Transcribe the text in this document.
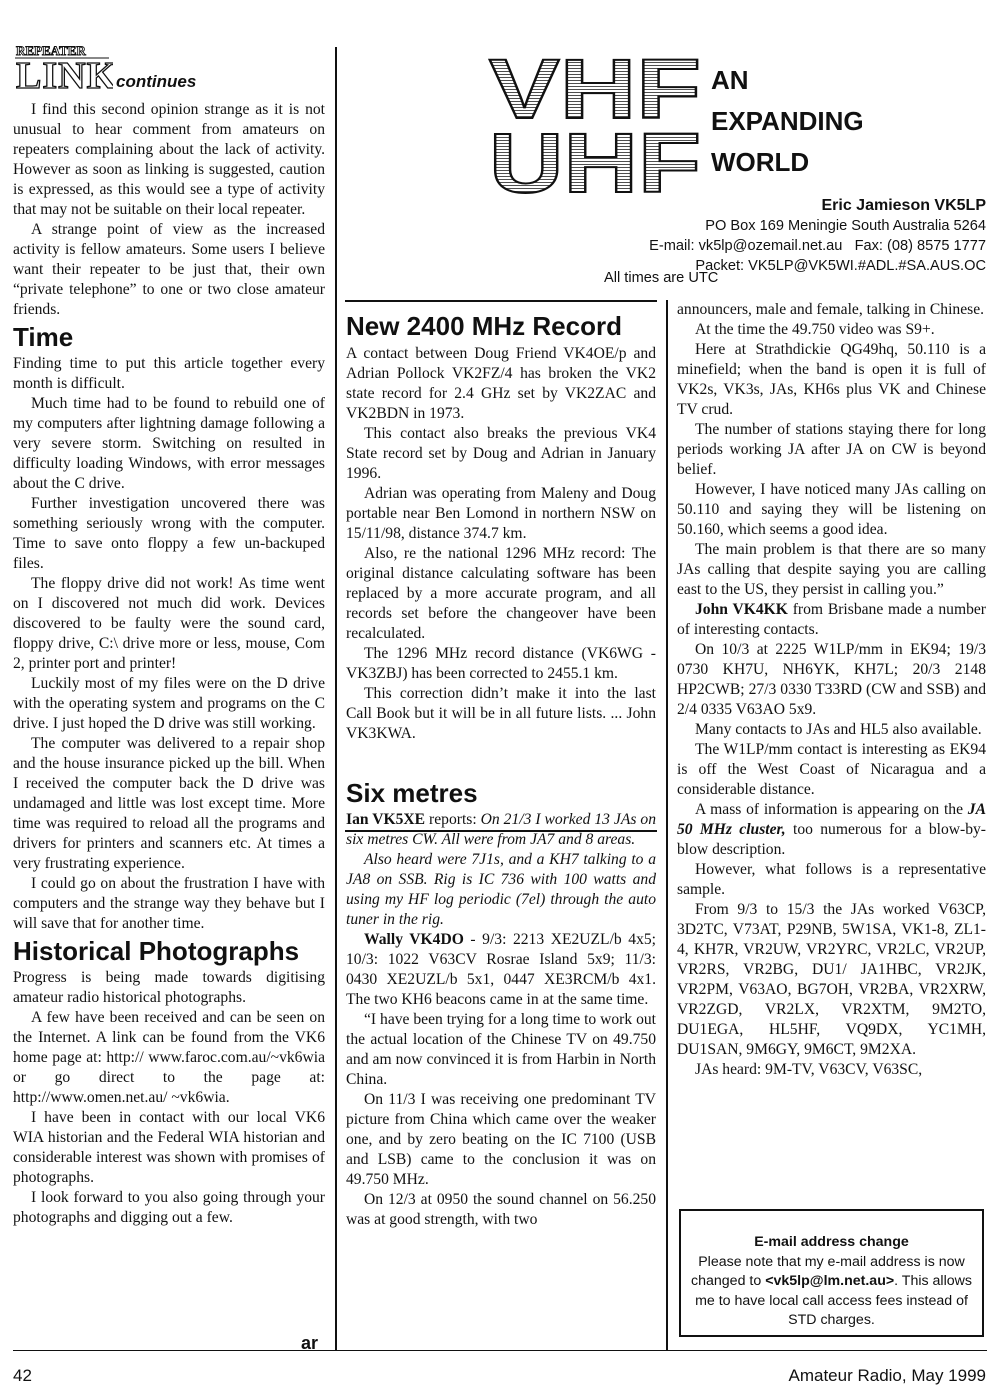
REPEATER
LINK
continues

I find this second opinion strange as it is not unusual to hear comment from amateurs on repeaters complaining about the lack of activity. However as soon as linking is suggested, caution is expressed, as this would see a type of activity that may not be suitable on their local repeater.

A strange point of view as the increased activity is fellow amateurs. Some users I believe want their repeater to be just that, their own “private telephone” to one or two close amateur friends.

Time

Finding time to put this article together every month is difficult.

Much time had to be found to rebuild one of my computers after lightning damage following a very severe storm. Switching on resulted in difficulty loading Windows, with error messages about the C drive.

Further investigation uncovered there was something seriously wrong with the computer. Time to save onto floppy a few un-backuped files.

The floppy drive did not work! As time went on I discovered not much did work. Devices discovered to be faulty were the sound card, floppy drive, C:\ drive more or less, mouse, Com 2, printer port and printer!

Luckily most of my files were on the D drive with the operating system and programs on the C drive. I just hoped the D drive was still working.

The computer was delivered to a repair shop and the house insurance picked up the bill. When I received the computer back the D drive was undamaged and little was lost except time. More time was required to reload all the programs and drivers for printers and scanners etc. At times a very frustrating experience.

I could go on about the frustration I have with computers and the strange way they behave but I will save that for another time.

Historical Photographs

Progress is being made towards digitising amateur radio historical photographs.

A few have been received and can be seen on the Internet. A link can be found from the VK6 home page at: http:// www.faroc.com.au/~vk6wia or go direct to the page at: http://www.omen.net.au/ ~vk6wia.

I have been in contact with our local VK6 WIA historian and the Federal WIA historian and considerable interest was shown with promises of photographs.

I look forward to you also going through your photographs and digging out a few.

ar
VHF
UHF
AN
EXPANDING
WORLD
Eric Jamieson VK5LP
PO Box 169 Meningie South Australia 5264
E-mail: vk5lp@ozemail.net.au   Fax: (08) 8575 1777
Packet: VK5LP@VK5WI.#ADL.#SA.AUS.OC
All times are UTC
New 2400 MHz Record

A contact between Doug Friend VK4OE/p and Adrian Pollock VK2FZ/4 has broken the VK2 state record for 2.4 GHz set by VK2ZAC and VK2BDN in 1973.

This contact also breaks the previous VK4 State record set by Doug and Adrian in January 1996.

Adrian was operating from Maleny and Doug portable near Ben Lomond in northern NSW on 15/11/98, distance 374.7 km.

Also, re the national 1296 MHz record: The original distance calculating software has been replaced by a more accurate program, and all records set before the changeover have been recalculated.

The 1296 MHz record distance (VK6WG - VK3ZBJ) has been corrected to 2455.1 km.

This correction didn’t make it into the last Call Book but it will be in all future lists. ... John VK3KWA.

Six metres

Ian VK5XE reports: On 21/3 I worked 13 JAs on six metres CW. All were from JA7 and 8 areas.

Also heard were 7J1s, and a KH7 talking to a JA8 on SSB. Rig is IC 736 with 100 watts and using my HF log periodic (7el) through the auto tuner in the rig.

Wally VK4DO - 9/3: 2213 XE2UZL/b 4x5; 10/3: 1022 V63CV Rosrae Island 5x9; 11/3: 0430 XE2UZL/b 5x1, 0447 XE3RCM/b 4x1. The two KH6 beacons came in at the same time.

“I have been trying for a long time to work out the actual location of the Chinese TV on 49.750 and am now convinced it is from Harbin in North China.

On 11/3 I was receiving one predominant TV picture from China which came over the weaker one, and by zero beating on the IC 7100 (USB and LSB) came to the conclusion it was on 49.750 MHz.

On 12/3 at 0950 the sound channel on 56.250 was at good strength, with two

announcers, male and female, talking in Chinese.

At the time the 49.750 video was S9+.

Here at Strathdickie QG49hq, 50.110 is a minefield; when the band is open it is full of VK2s, VK3s, JAs, KH6s plus VK and Chinese TV crud.

The number of stations staying there for long periods working JA after JA on CW is beyond belief.

However, I have noticed many JAs calling on 50.110 and saying they will be listening on 50.160, which seems a good idea.

The main problem is that there are so many JAs calling that despite saying you are calling east to the US, they persist in calling you.”

John VK4KK from Brisbane made a number of interesting contacts.

On 10/3 at 2225 W1LP/mm in EK94; 19/3 0730 KH7U, NH6YK, KH7L; 20/3 2148 HP2CWB; 27/3 0330 T33RD (CW and SSB) and 2/4 0335 V63AO 5x9.

Many contacts to JAs and HL5 also available.

The W1LP/mm contact is interesting as EK94 is off the West Coast of Nicaragua and a considerable distance.

A mass of information is appearing on the JA 50 MHz cluster, too numerous for a blow-by-blow description.

However, what follows is a representative sample.

From 9/3 to 15/3 the JAs worked V63CP, 3D2TC, V73AT, P29NB, 5W1SA, VK1-8, ZL1-4, KH7R, VR2UW, VR2YRC, VR2LC, VR2UP, VR2RS, VR2BG, DU1/ JA1HBC, VR2JK, VR2PM, V63AO, BG7OH, VR2BA, VR2XRW, VR2ZGD, VR2LX, VR2XTM, 9M2TO, DU1EGA, HL5HF, VQ9DX, YC1MH, DU1SAN, 9M6GY, 9M6CT, 9M2XA.

JAs heard: 9M-TV, V63CV, V63SC,

E-mail address change
Please note that my e-mail address is now changed to <vk5lp@lm.net.au>. This allows me to have local call access fees instead of STD charges.
42	Amateur Radio, May 1999
